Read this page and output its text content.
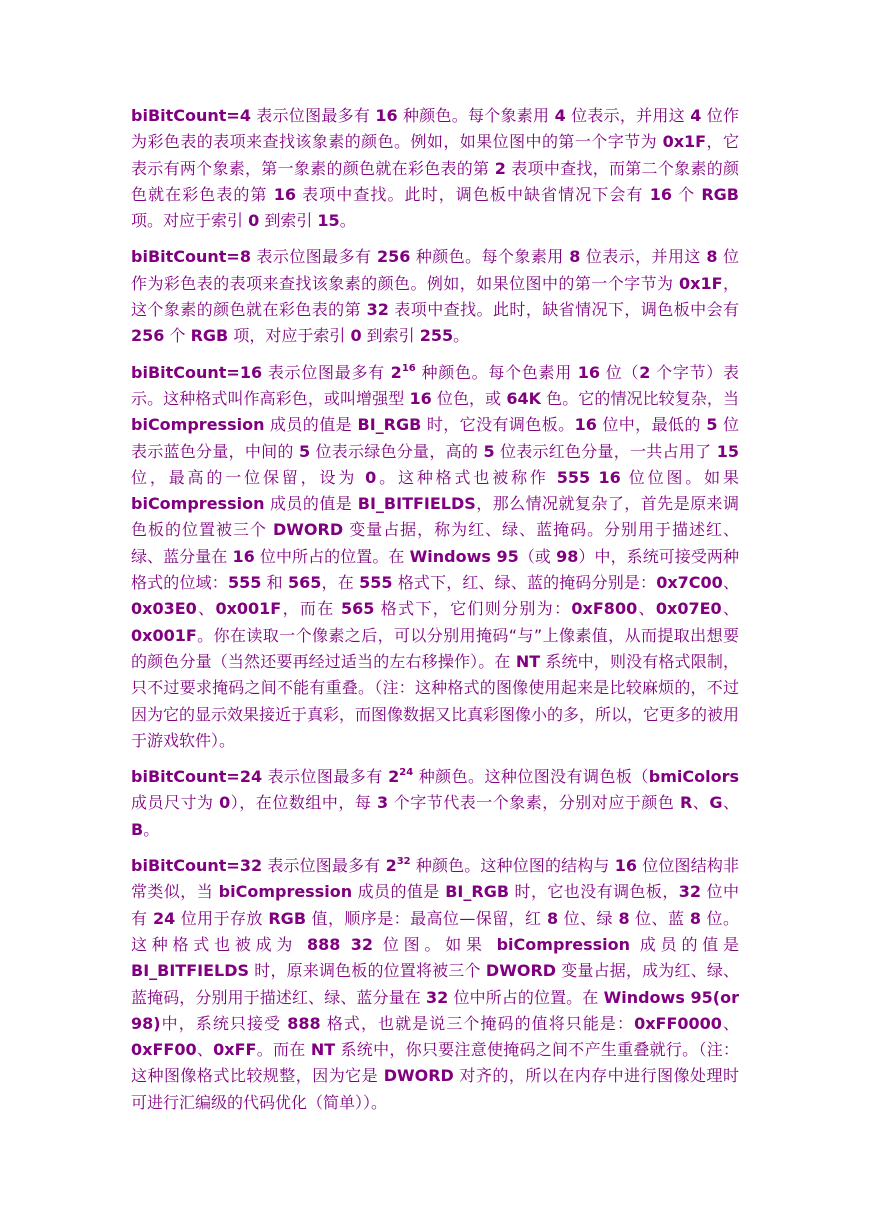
biBitCount=4 表示位图最多有 16 种颜色。每个象素用 4 位表示，并用这 4 位作为彩色表的表项来查找该象素的颜色。例如，如果位图中的第一个字节为 0x1F，它表示有两个象素，第一象素的颜色就在彩色表的第 2 表项中查找，而第二个象素的颜色就在彩色表的第 16 表项中查找。此时，调色板中缺省情况下会有 16 个 RGB 项。对应于索引 0 到索引 15。

biBitCount=8 表示位图最多有 256 种颜色。每个象素用 8 位表示，并用这 8 位作为彩色表的表项来查找该象素的颜色。例如，如果位图中的第一个字节为 0x1F，这个象素的颜色就在彩色表的第 32 表项中查找。此时，缺省情况下，调色板中会有 256 个 RGB 项，对应于索引 0 到索引 255。

biBitCount=16 表示位图最多有 $2^{16}$ 种颜色。每个色素用 16 位（2 个字节）表示。这种格式叫作高彩色，或叫增强型 16 位色，或 64K 色。它的情况比较复杂，当 biCompression 成员的值是 BI_RGB 时，它没有调色板。16 位中，最低的 5 位表示蓝色分量，中间的 5 位表示绿色分量，高的 5 位表示红色分量，一共占用了 15 位，最高的一位保留，设为 0。这种格式也被称作 555 16 位位图。如果 biCompression 成员的值是 BI_BITFIELDS，那么情况就复杂了，首先是原来调色板的位置被三个 DWORD 变量占据，称为红、绿、蓝掩码。分别用于描述红、绿、蓝分量在 16 位中所占的位置。在 Windows 95（或 98）中，系统可接受两种格式的位域：555 和 565，在 555 格式下，红、绿、蓝的掩码分别是：0x7C00、0x03E0、0x001F，而在 565 格式下，它们则分别为：0xF800、0x07E0、0x001F。你在读取一个像素之后，可以分别用掩码“与”上像素值，从而提取出想要的颜色分量（当然还要再经过适当的左右移操作）。在 NT 系统中，则没有格式限制，只不过要求掩码之间不能有重叠。（注：这种格式的图像使用起来是比较麻烦的，不过因为它的显示效果接近于真彩，而图像数据又比真彩图像小的多，所以，它更多的被用于游戏软件）。

biBitCount=24 表示位图最多有 $2^{24}$ 种颜色。这种位图没有调色板（bmiColors 成员尺寸为 0），在位数组中，每 3 个字节代表一个象素，分别对应于颜色 R、G、B。

biBitCount=32 表示位图最多有 $2^{32}$ 种颜色。这种位图的结构与 16 位位图结构非常类似，当 biCompression 成员的值是 BI_RGB 时，它也没有调色板，32 位中有 24 位用于存放 RGB 值，顺序是：最高位—保留，红 8 位、绿 8 位、蓝 8 位。这种格式也被成为 888 32 位图。如果 biCompression 成员的值是 BI_BITFIELDS 时，原来调色板的位置将被三个 DWORD 变量占据，成为红、绿、蓝掩码，分别用于描述红、绿、蓝分量在 32 位中所占的位置。在 Windows 95(or 98)中，系统只接受 888 格式，也就是说三个掩码的值将只能是：0xFF0000、0xFF00、0xFF。而在 NT 系统中，你只要注意使掩码之间不产生重叠就行。（注：这种图像格式比较规整，因为它是 DWORD 对齐的，所以在内存中进行图像处理时可进行汇编级的代码优化（简单））。
